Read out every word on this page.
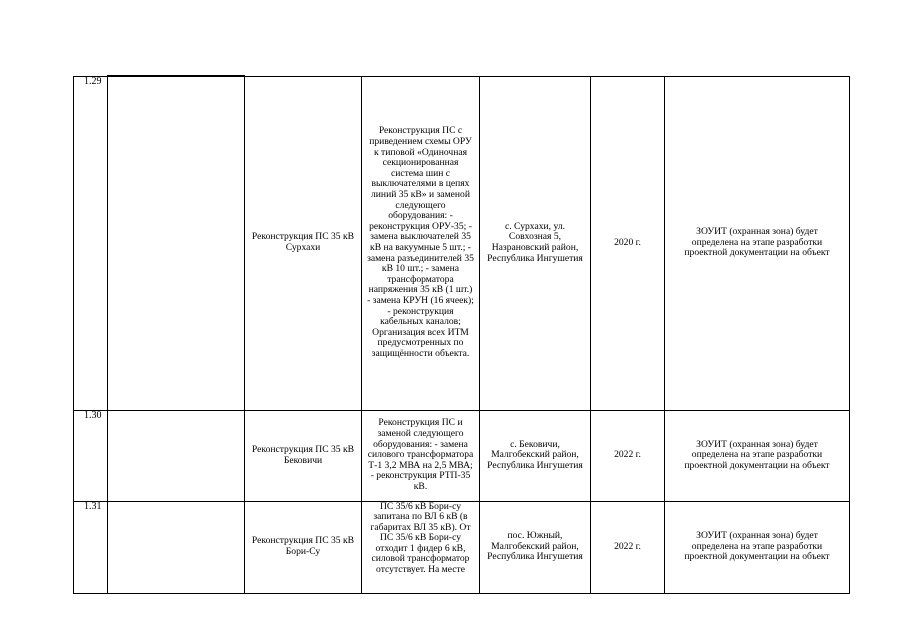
1.29		Реконструкция ПС 35 кВ Сурхахи	Реконструкция ПС с приведением схемы ОРУ к типовой «Одиночная секционированная система шин с выключателями в цепях линий 35 кВ» и заменой следующего оборудования: - реконструкция ОРУ-35; - замена выключателей 35 кВ на вакуумные 5 шт.; - замена разъединителей 35 кВ 10 шт.; - замена трансформатора напряжения 35 кВ (1 шт.) - замена КРУН (16 ячеек); - реконструкция кабельных каналов; Организация всех ИТМ предусмотренных по защищённости объекта.	с. Сурхахи, ул. Совхозная 5, Назрановский район, Республика Ингушетия	2020 г.	ЗОУИТ (охранная зона) будет определена на этапе разработки проектной документации на объект

1.30		Реконструкция ПС 35 кВ Бековичи	Реконструкция ПС и заменой следующего оборудования: - замена силового трансформатора Т-1 3,2 МВА на 2,5 МВА; - реконструкция РТП-35 кВ.	с. Бековичи, Малгобекский район, Республика Ингушетия	2022 г.	ЗОУИТ (охранная зона) будет определена на этапе разработки проектной документации на объект

1.31		Реконструкция ПС 35 кВ Бори-Су	ПС 35/6 кВ Бори-су запитана по ВЛ 6 кВ (в габаритах ВЛ 35 кВ). От ПС 35/6 кВ Бори-су отходит 1 фидер 6 кВ, силовой трансформатор отсутствует. На месте	пос. Южный, Малгобекский район, Республика Ингушетия	2022 г.	ЗОУИТ (охранная зона) будет определена на этапе разработки проектной документации на объект
